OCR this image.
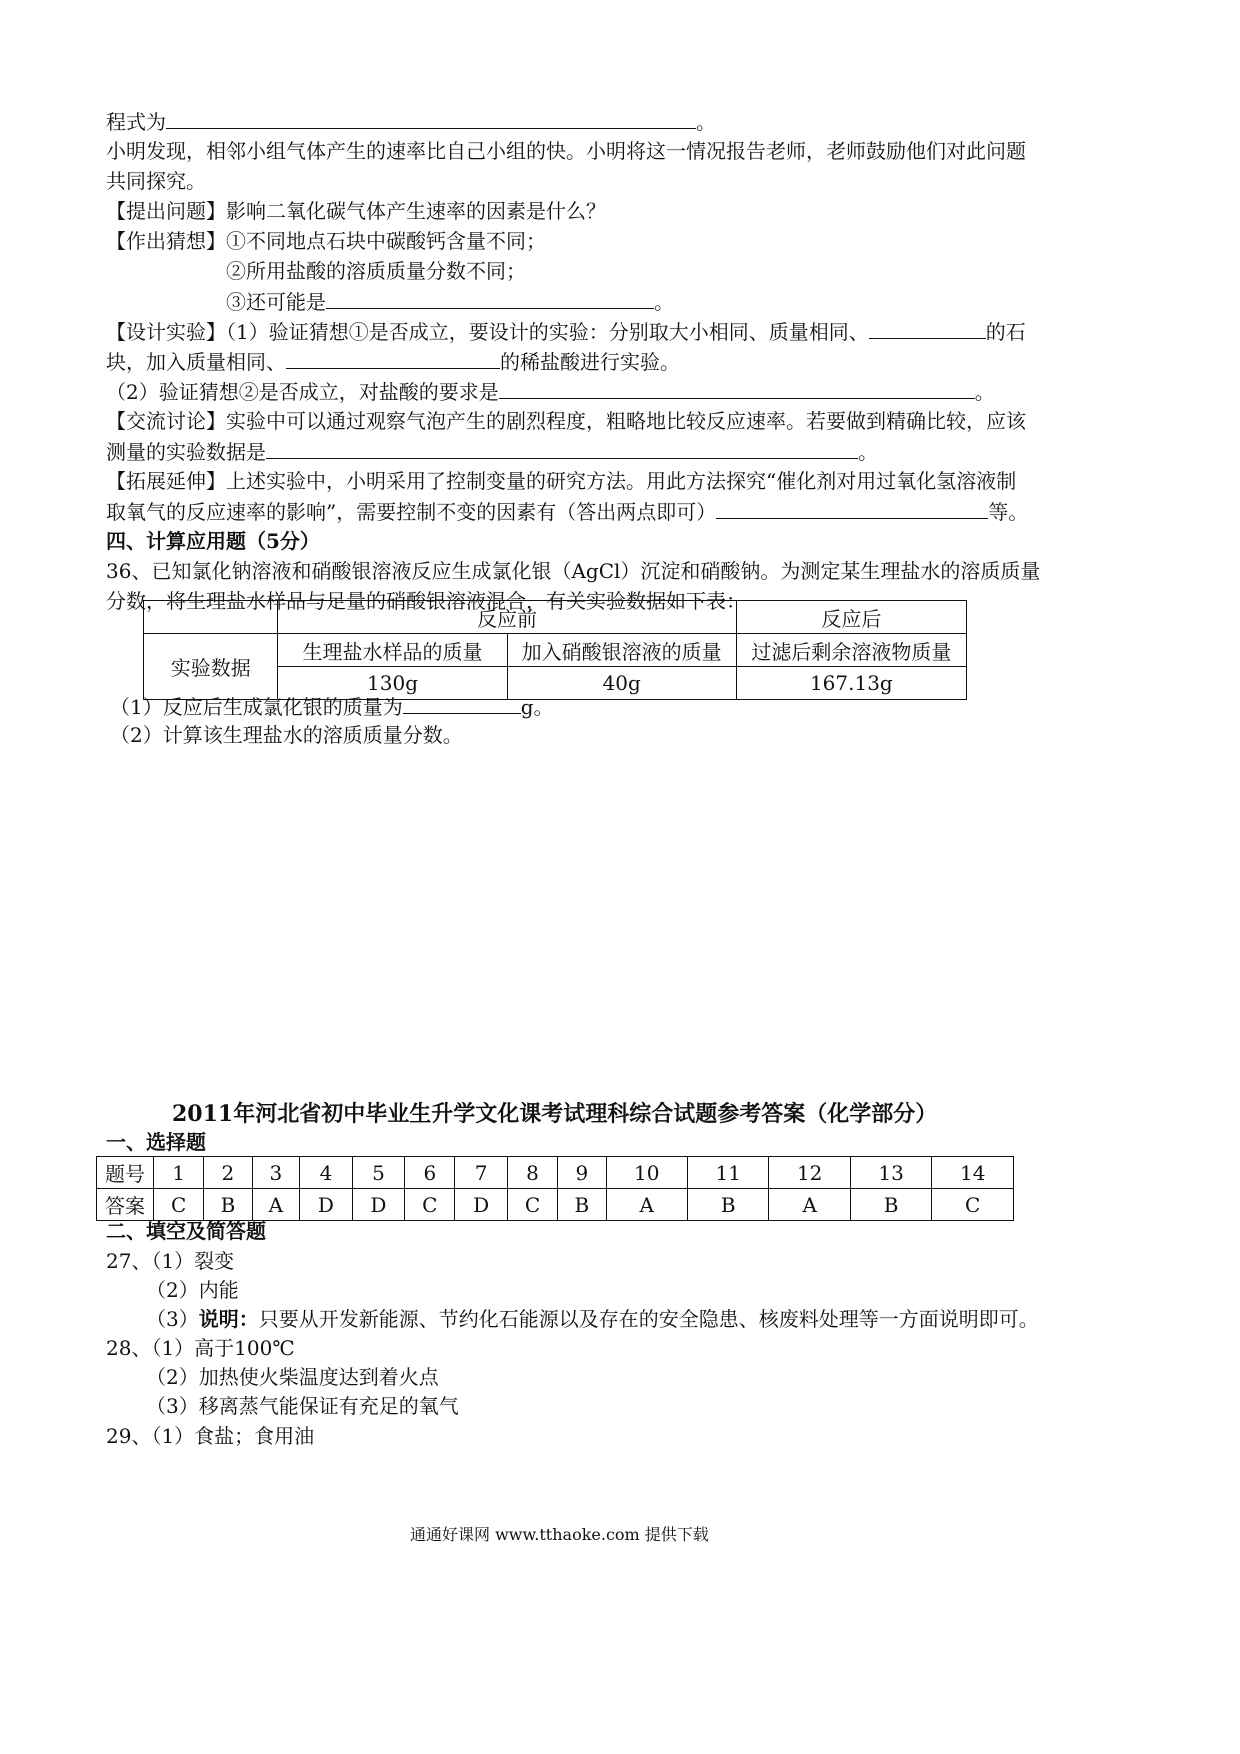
程式为	。
小明发现，相邻小组气体产生的速率比自己小组的快。小明将这一情况报告老师，老师鼓励他们对此问题
共同探究。
【提出问题】影响二氧化碳气体产生速率的因素是什么？
【作出猜想】①不同地点石块中碳酸钙含量不同；
②所用盐酸的溶质质量分数不同；
③还可能是	。
【设计实验】（1）验证猜想①是否成立，要设计的实验：分别取大小相同、质量相同、	的石
块，加入质量相同、	的稀盐酸进行实验。
（2）验证猜想②是否成立，对盐酸的要求是	。
【交流讨论】实验中可以通过观察气泡产生的剧烈程度，粗略地比较反应速率。若要做到精确比较，应该
测量的实验数据是	。
【拓展延伸】上述实验中，小明采用了控制变量的研究方法。用此方法探究“催化剂对用过氧化氢溶液制
取氧气的反应速率的影响”，需要控制不变的因素有（答出两点即可）	等。
四、计算应用题（5分）
36、已知氯化钠溶液和硝酸银溶液反应生成氯化银（AgCl）沉淀和硝酸钠。为测定某生理盐水的溶质质量
分数，将生理盐水样品与足量的硝酸银溶液混合，有关实验数据如下表：
	反应前		反应后
实验数据	生理盐水样品的质量	加入硝酸银溶液的质量	过滤后剩余溶液物质量
	130g	40g	167.13g
（1）反应后生成氯化银的质量为	g。
（2）计算该生理盐水的溶质质量分数。
2011年河北省初中毕业生升学文化课考试理科综合试题参考答案（化学部分）
一、选择题
题号	1	2	3	4	5	6	7	8	9	10	11	12	13	14
答案	C	B	A	D	D	C	D	C	B	A	B	A	B	C
二、填空及简答题
27、（1）裂变
（2）内能
（3）说明：只要从开发新能源、节约化石能源以及存在的安全隐患、核废料处理等一方面说明即可。
28、（1）高于100℃
（2）加热使火柴温度达到着火点
（3）移离蒸气能保证有充足的氧气
29、（1）食盐；食用油
通通好课网 www.tthaoke.com 提供下载
